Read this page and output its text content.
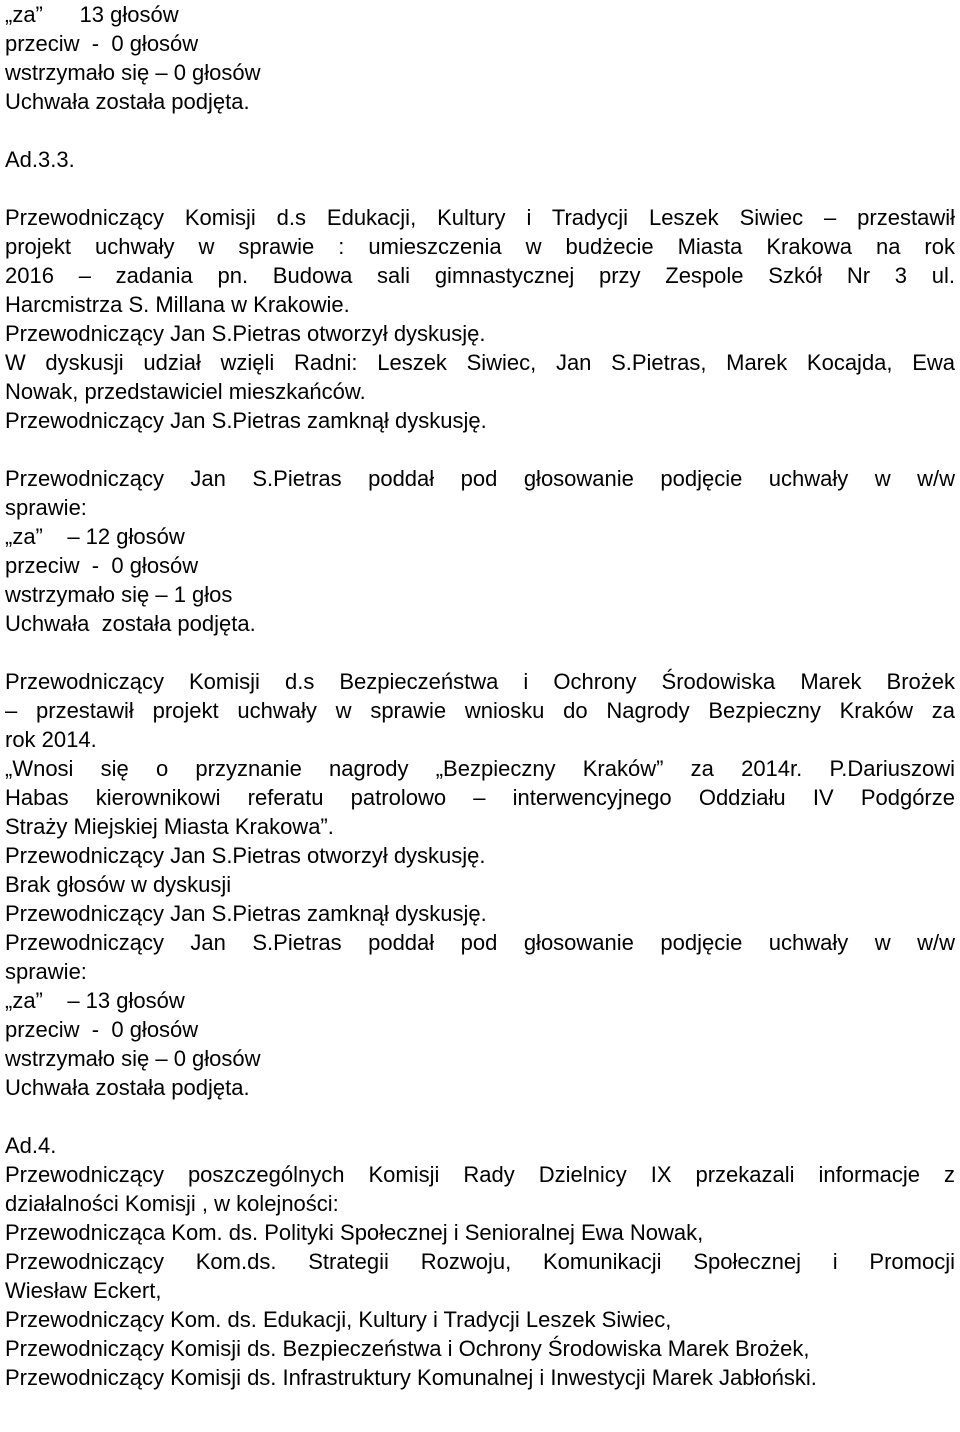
„za”      13 głosów
przeciw  -  0 głosów
wstrzymało się – 0 głosów
Uchwała została podjęta.
Ad.3.3.
Przewodniczący Komisji d.s Edukacji, Kultury i Tradycji Leszek Siwiec – przestawił
projekt uchwały w sprawie : umieszczenia w budżecie Miasta Krakowa na rok
2016 – zadania pn. Budowa sali gimnastycznej przy Zespole Szkół Nr 3 ul.
Harcmistrza S. Millana w Krakowie.
Przewodniczący Jan S.Pietras otworzył dyskusję.
W dyskusji udział wzięli Radni: Leszek Siwiec, Jan S.Pietras, Marek Kocajda, Ewa
Nowak, przedstawiciel mieszkańców.
Przewodniczący Jan S.Pietras zamknął dyskusję.
Przewodniczący Jan S.Pietras poddał pod głosowanie podjęcie uchwały w w/w
sprawie:
„za”    – 12 głosów
przeciw  -  0 głosów
wstrzymało się – 1 głos
Uchwała  została podjęta.
Przewodniczący Komisji d.s Bezpieczeństwa i Ochrony Środowiska Marek Brożek
– przestawił projekt uchwały w sprawie wniosku do Nagrody Bezpieczny Kraków za
rok 2014.
„Wnosi się o przyznanie nagrody „Bezpieczny Kraków” za 2014r. P.Dariuszowi
Habas kierownikowi referatu patrolowo – interwencyjnego Oddziału IV Podgórze
Straży Miejskiej Miasta Krakowa”.
Przewodniczący Jan S.Pietras otworzył dyskusję.
Brak głosów w dyskusji
Przewodniczący Jan S.Pietras zamknął dyskusję.
Przewodniczący Jan S.Pietras poddał pod głosowanie podjęcie uchwały w w/w
sprawie:
„za”    – 13 głosów
przeciw  -  0 głosów
wstrzymało się – 0 głosów
Uchwała została podjęta.
Ad.4.
Przewodniczący poszczególnych Komisji Rady Dzielnicy IX przekazali informacje z
działalności Komisji , w kolejności:
Przewodnicząca Kom. ds. Polityki Społecznej i Senioralnej Ewa Nowak,
Przewodniczący Kom.ds. Strategii Rozwoju, Komunikacji Społecznej i Promocji
Wiesław Eckert,
Przewodniczący Kom. ds. Edukacji, Kultury i Tradycji Leszek Siwiec,
Przewodniczący Komisji ds. Bezpieczeństwa i Ochrony Środowiska Marek Brożek,
Przewodniczący Komisji ds. Infrastruktury Komunalnej i Inwestycji Marek Jabłoński.
